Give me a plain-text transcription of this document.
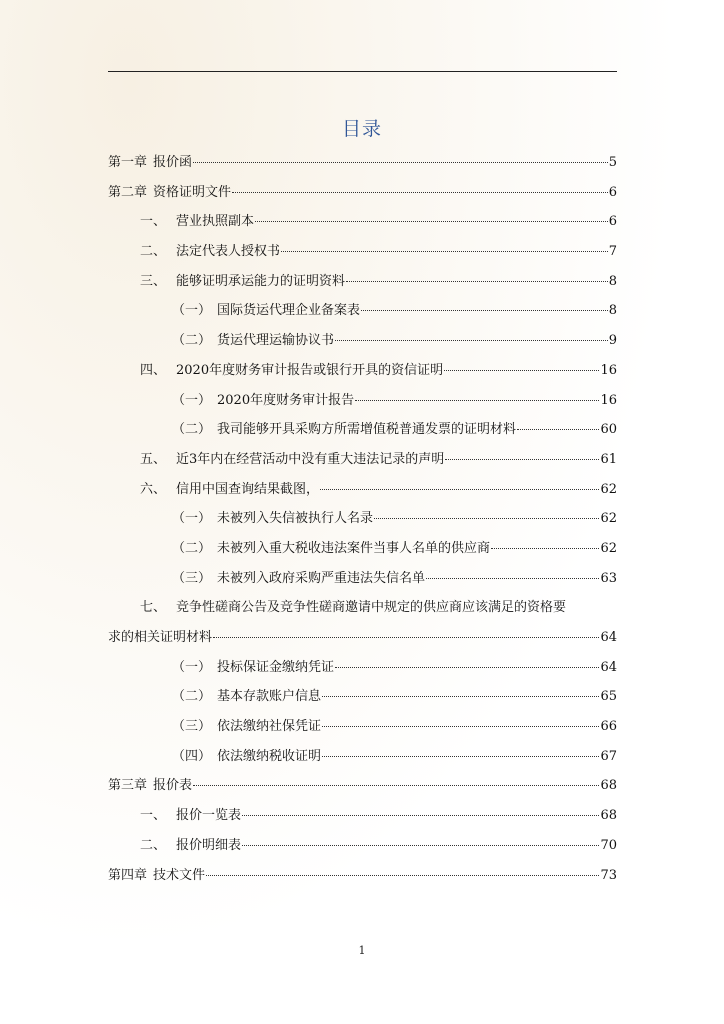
目录
第一章 报价函	5
第二章 资格证明文件	6
一、 营业执照副本	6
二、 法定代表人授权书	7
三、 能够证明承运能力的证明资料	8
（一） 国际货运代理企业备案表	8
（二） 货运代理运输协议书	9
四、 2020年度财务审计报告或银行开具的资信证明	16
（一） 2020年度财务审计报告	16
（二） 我司能够开具采购方所需增值税普通发票的证明材料	60
五、 近3年内在经营活动中没有重大违法记录的声明	61
六、 信用中国查询结果截图，	62
（一） 未被列入失信被执行人名录	62
（二） 未被列入重大税收违法案件当事人名单的供应商	62
（三） 未被列入政府采购严重违法失信名单	63
七、 竞争性磋商公告及竞争性磋商邀请中规定的供应商应该满足的资格要
求的相关证明材料	64
（一） 投标保证金缴纳凭证	64
（二） 基本存款账户信息	65
（三） 依法缴纳社保凭证	66
（四） 依法缴纳税收证明	67
第三章 报价表	68
一、 报价一览表	68
二、 报价明细表	70
第四章 技术文件	73
1
